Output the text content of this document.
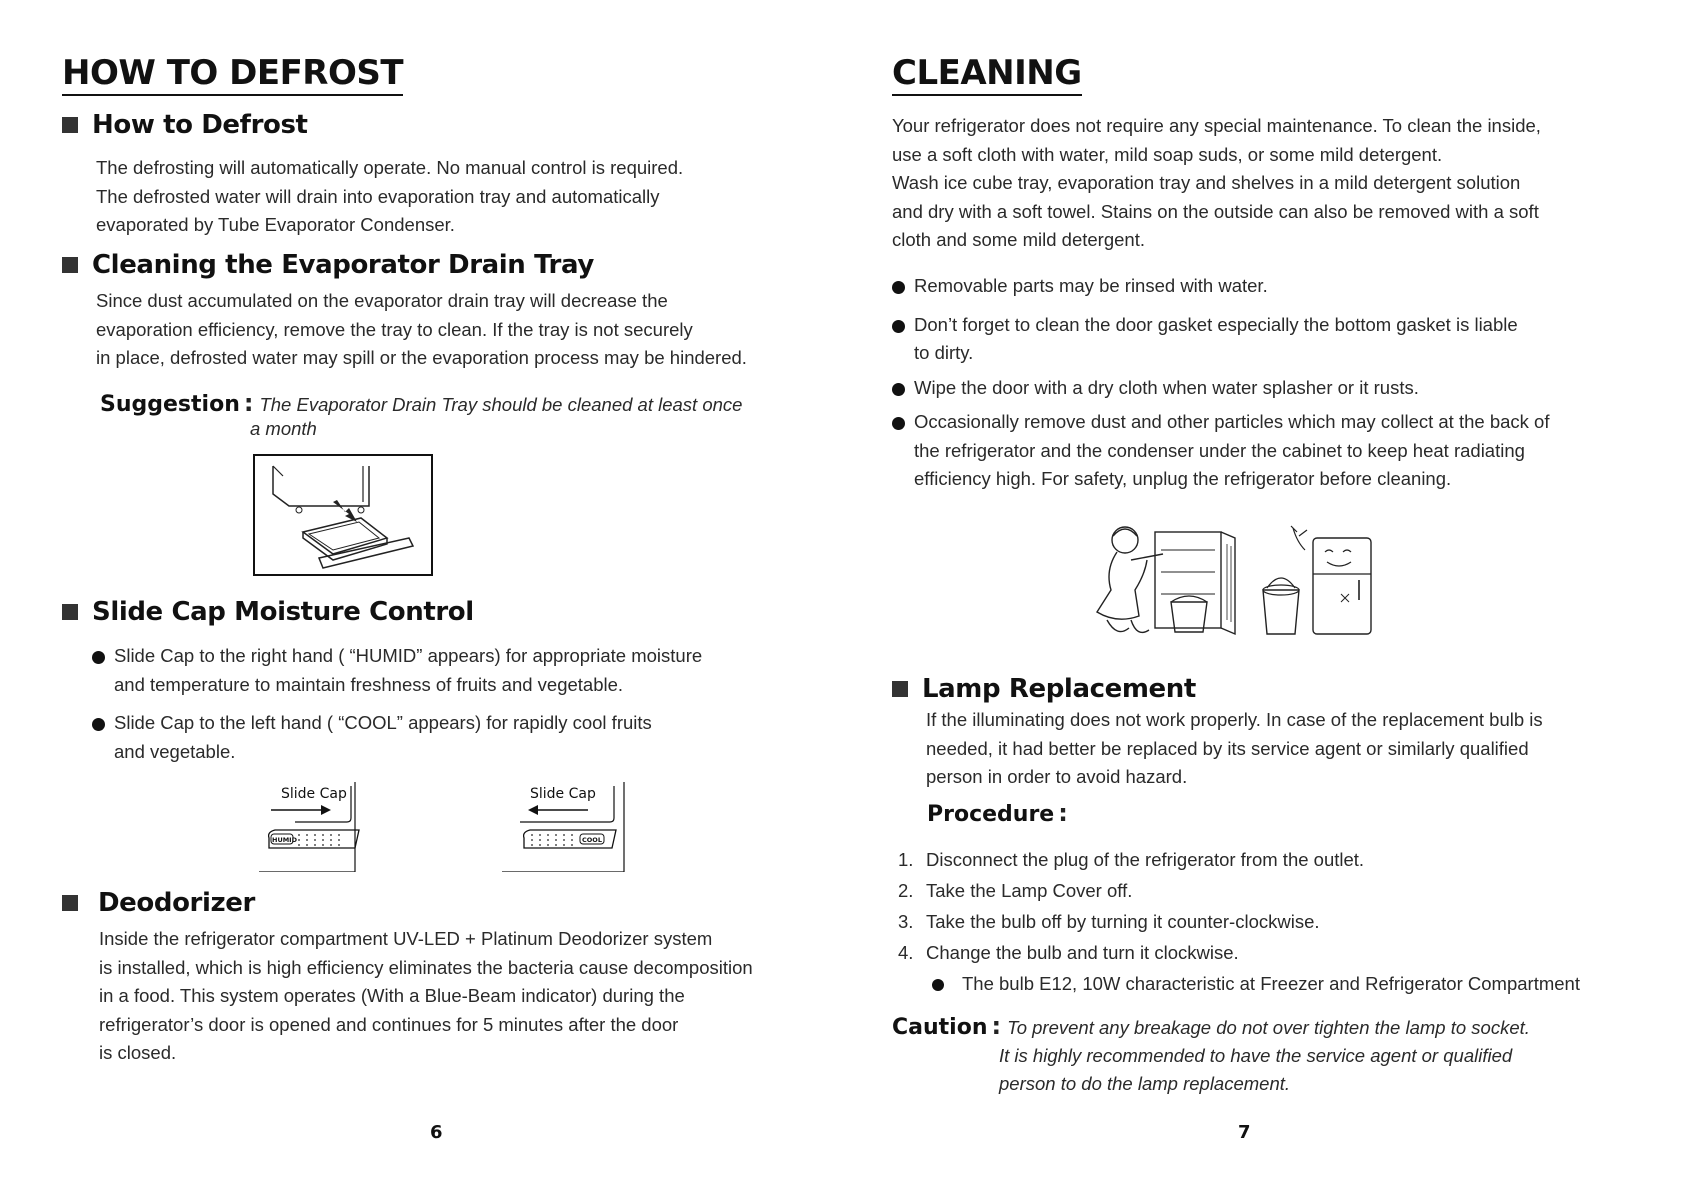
HOW TO DEFROST
How to Defrost

The defrosting will automatically operate. No manual control is required.

The defrosted water will drain into evaporation tray and automatically

evaporated by Tube Evaporator Condenser.

Cleaning the Evaporator Drain Tray

Since dust accumulated on the evaporator drain tray will decrease the

evaporation efficiency, remove the tray to clean. If the tray is not securely

in place, defrosted water may spill or the evaporation process may be hindered.

Suggestion : The Evaporator Drain Tray should be cleaned at least once
a month
Slide Cap Moisture Control

Slide Cap to the right hand ( “HUMID” appears) for appropriate moisture

and temperature to maintain freshness of fruits and vegetable.

Slide Cap to the left hand ( “COOL” appears) for rapidly cool fruits

and vegetable.

Slide Cap
HUMID
Slide Cap
COOL
Deodorizer

Inside the refrigerator compartment UV-LED + Platinum Deodorizer system

is installed, which is high efficiency eliminates the bacteria cause decomposition

in a food. This system operates (With a Blue-Beam indicator) during the

refrigerator’s door is opened and continues for 5 minutes after the door

is closed.

6
CLEANING

Your refrigerator does not require any special maintenance. To clean the inside,

use a soft cloth with water, mild soap suds, or some mild detergent.

Wash ice cube tray, evaporation tray and shelves in a mild detergent solution

and dry with a soft towel. Stains on the outside can also be removed with a soft

cloth and some mild detergent.

Removable parts may be rinsed with water.

Don’t forget to clean the door gasket especially the bottom gasket is liable

to dirty.

Wipe the door with a dry cloth when water splasher or it rusts.

Occasionally remove dust and other particles which may collect at the back of

the refrigerator and the condenser under the cabinet to keep heat radiating

efficiency high. For safety, unplug the refrigerator before cleaning.

Lamp Replacement

If the illuminating does not work properly. In case of the replacement bulb is

needed, it had better be replaced by its service agent or similarly qualified

person in order to avoid hazard.

Procedure :
1. Disconnect the plug of the refrigerator from the outlet.
2. Take the Lamp Cover off.
3. Take the bulb off by turning it counter-clockwise.
4. Change the bulb and turn it clockwise.

The bulb E12, 10W characteristic at Freezer and Refrigerator Compartment

Caution : To prevent any breakage do not over tighten the lamp to socket.
It is highly recommended to have the service agent or qualified
person to do the lamp replacement.
7
